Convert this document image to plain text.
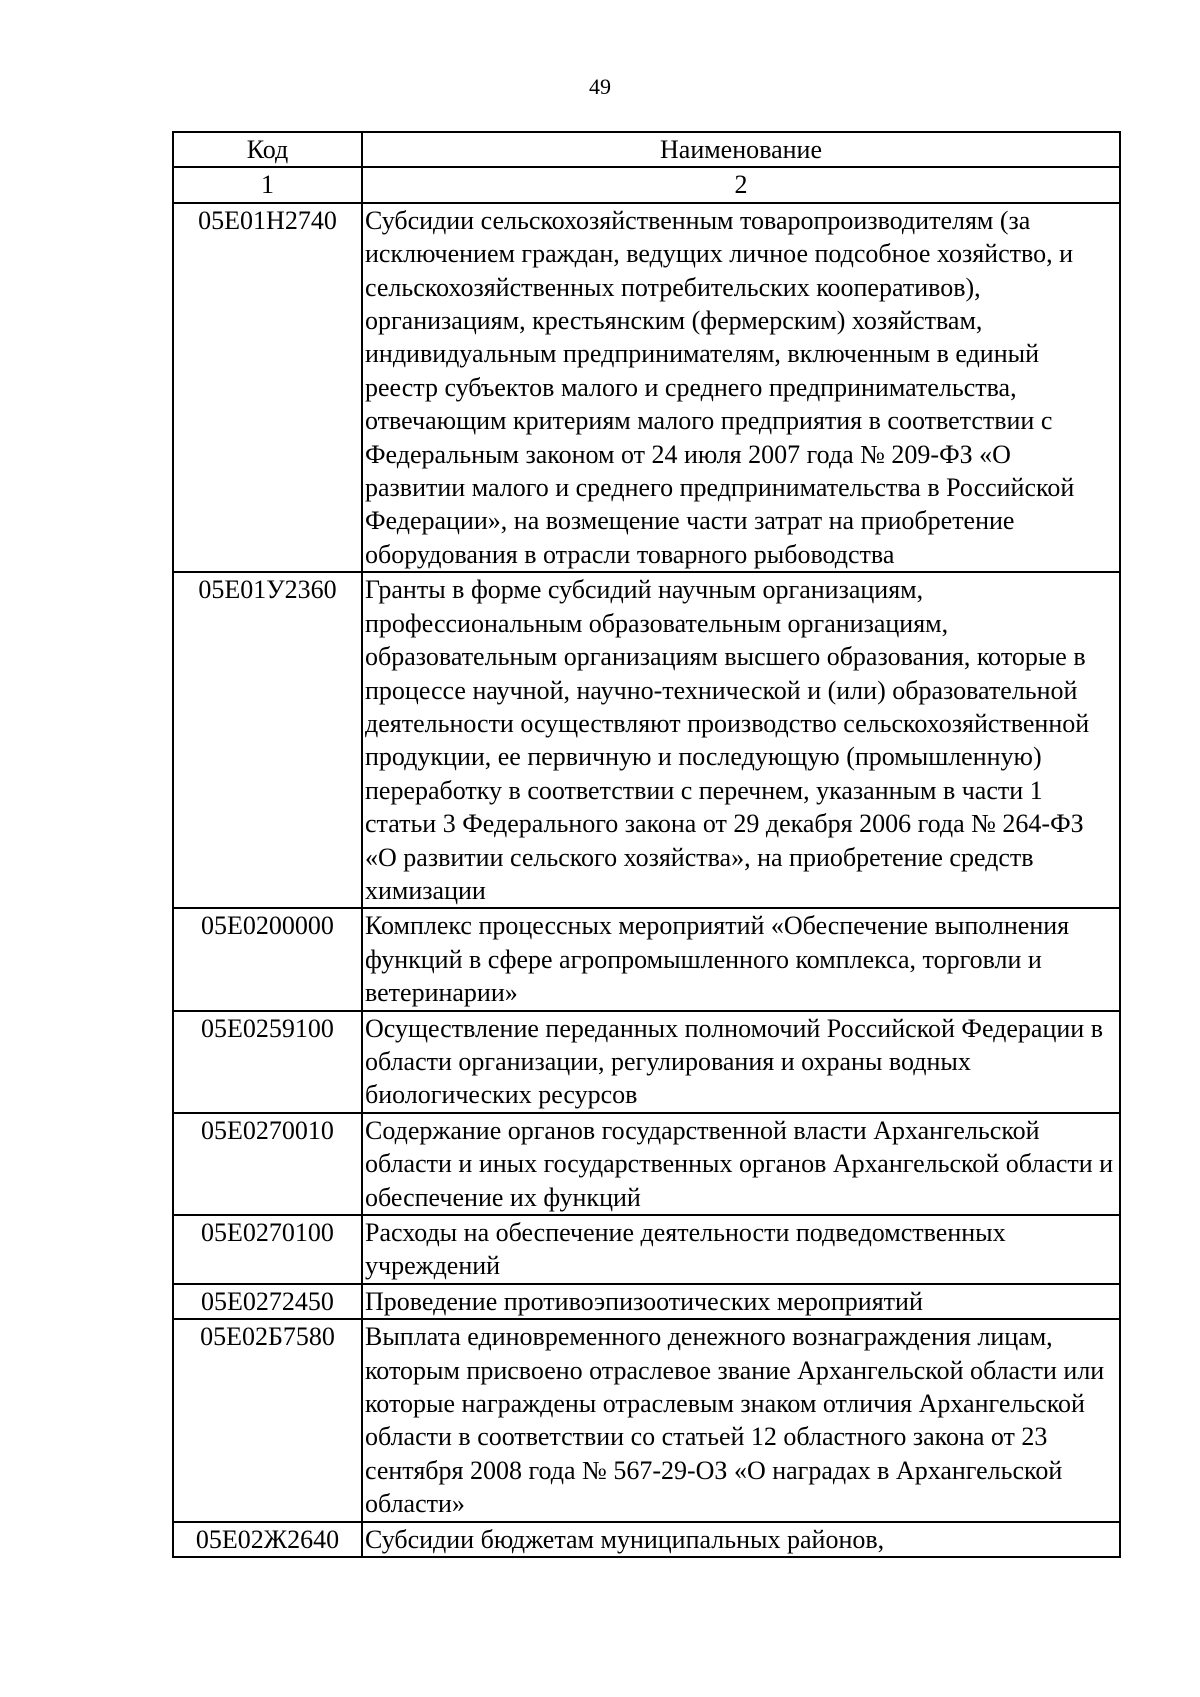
49
Код	Наименование
1	2
05Е01Н2740	Субсидии сельскохозяйственным товаропроизводителям (за исключением граждан, ведущих личное подсобное хозяйство, и сельскохозяйственных потребительских кооперативов), организациям, крестьянским (фермерским) хозяйствам, индивидуальным предпринимателям, включенным в единый реестр субъектов малого и среднего предпринимательства, отвечающим критериям малого предприятия в соответствии с Федеральным законом от 24 июля 2007 года № 209-ФЗ «О развитии малого и среднего предпринимательства в Российской Федерации», на возмещение части затрат на приобретение оборудования в отрасли товарного рыбоводства
05Е01У2360	Гранты в форме субсидий научным организациям, профессиональным образовательным организациям, образовательным организациям высшего образования, которые в процессе научной, научно-технической и (или) образовательной деятельности осуществляют производство сельскохозяйственной продукции, ее первичную и последующую (промышленную) переработку в соответствии с перечнем, указанным в части 1 статьи 3 Федерального закона от 29 декабря 2006 года № 264-ФЗ «О развитии сельского хозяйства», на приобретение средств химизации
05Е0200000	Комплекс процессных мероприятий «Обеспечение выполнения функций в сфере агропромышленного комплекса, торговли и ветеринарии»
05Е0259100	Осуществление переданных полномочий Российской Федерации в области организации, регулирования и охраны водных биологических ресурсов
05Е0270010	Содержание органов государственной власти Архангельской области и иных государственных органов Архангельской области и обеспечение их функций
05Е0270100	Расходы на обеспечение деятельности подведомственных учреждений
05Е0272450	Проведение противоэпизоотических мероприятий
05Е02Б7580	Выплата единовременного денежного вознаграждения лицам, которым присвоено отраслевое звание Архангельской области или которые награждены отраслевым знаком отличия Архангельской области в соответствии со статьей 12 областного закона от 23 сентября 2008 года № 567-29-ОЗ «О наградах в Архангельской области»
05Е02Ж2640	Субсидии бюджетам муниципальных районов,
